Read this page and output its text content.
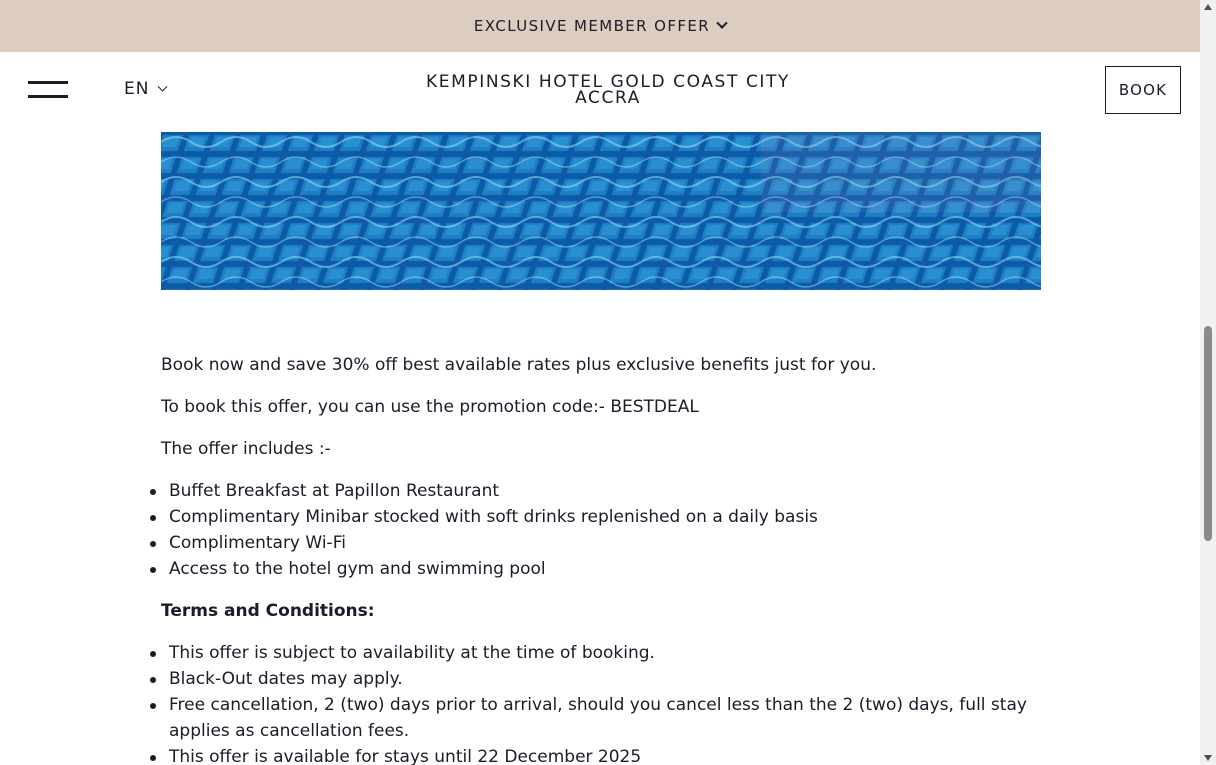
EXCLUSIVE MEMBER OFFER
EN	KEMPINSKI HOTEL GOLD COAST CITY
ACCRA	BOOK

Book now and save 30% off best available rates plus exclusive benefits just for you.

To book this offer, you can use the promotion code:- BESTDEAL

The offer includes :-

Buffet Breakfast at Papillon Restaurant
Complimentary Minibar stocked with soft drinks replenished on a daily basis
Complimentary Wi-Fi
Access to the hotel gym and swimming pool

Terms and Conditions:

This offer is subject to availability at the time of booking.
Black-Out dates may apply.
Free cancellation, 2 (two) days prior to arrival, should you cancel less than the 2 (two) days, full stay applies as cancellation fees.
This offer is available for stays until 22 December 2025
